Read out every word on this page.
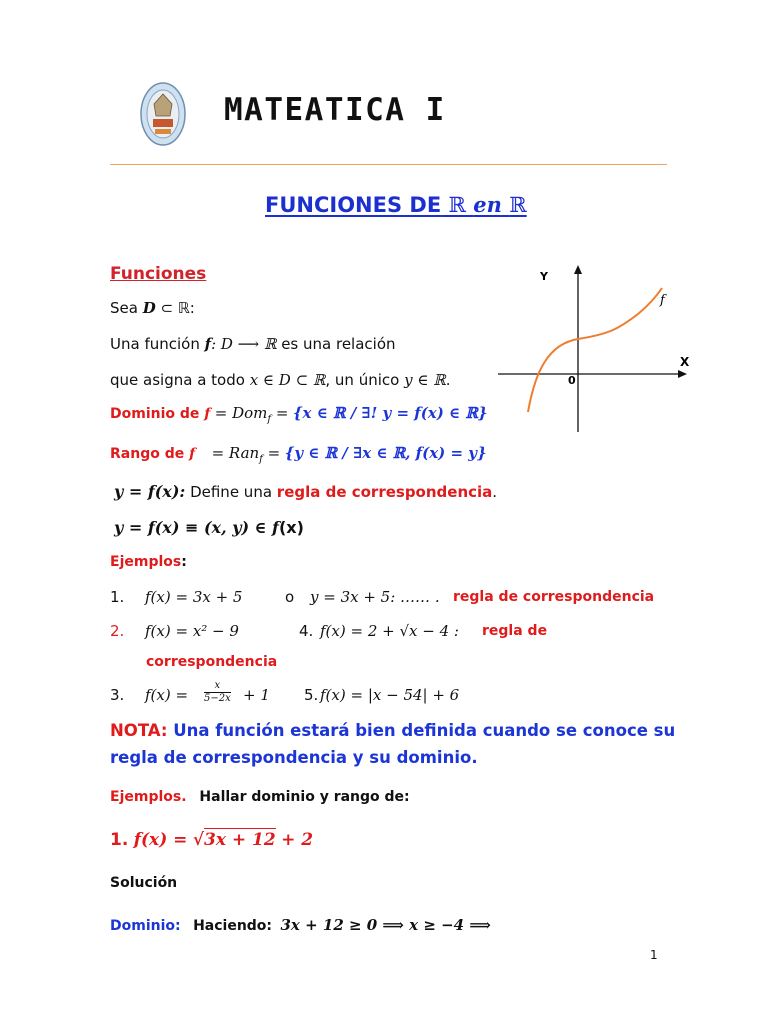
MATEATICA I
FUNCIONES DE ℝ en ℝ
Funciones
Sea D ⊂ ℝ:
Una función f: D ⟶ ℝ es una relación
que asigna a todo x ∈ D ⊂ ℝ, un único y ∈ ℝ.
Dominio de f = Dom$_f$ = {x ∈ ℝ / ∃! y = f(x) ∈ ℝ}
Rango de f = Ran$_f$ = {y ∈ ℝ / ∃x ∈ ℝ, f(x) = y}
y = f(x): Define una regla de correspondencia.
y = f(x) ≡ (x, y) ∈ f(x)
Y
X
0
f
Ejemplos:
1. f(x) = 3x + 5	o y = 3x + 5: …… . regla de correspondencia
2. f(x) = x² − 9	4. f(x) = 2 + √x − 4 : regla de
correspondencia
3. f(x) =
x
5−2x + 1 5. f(x) = |x − 54| + 6
NOTA: Una función estará bien definida cuando se conoce su
regla de correspondencia y su dominio.
Ejemplos. Hallar dominio y rango de:
1. f(x) = √3x + 12 + 2
Solución
Dominio: Haciendo: 3x + 12 ≥ 0 ⟹ x ≥ −4 ⟹
1
